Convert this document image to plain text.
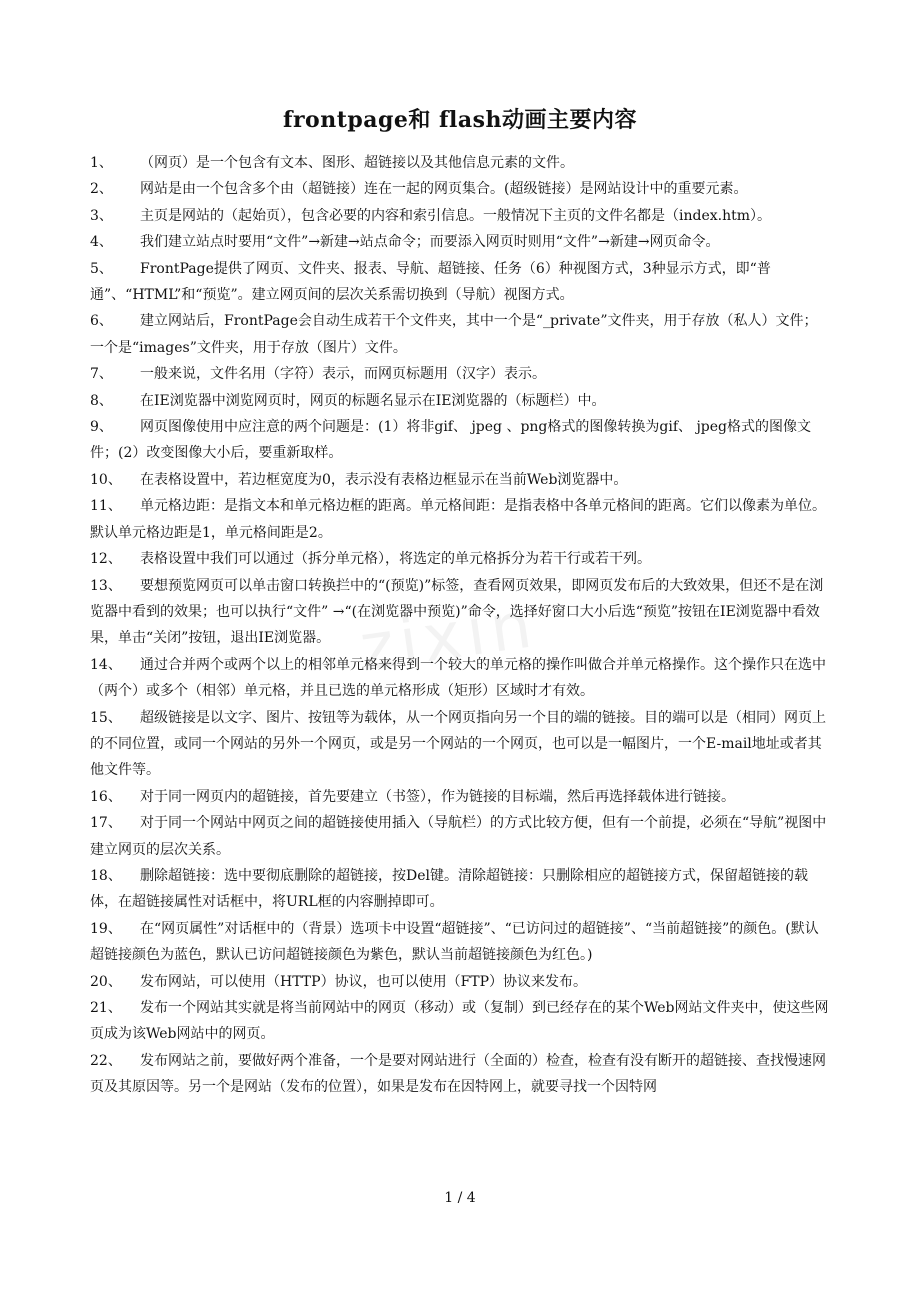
frontpage和 flash动画主要内容
zixin

1、	（网页）是一个包含有文本、图形、超链接以及其他信息元素的文件。

2、	网站是由一个包含多个由（超链接）连在一起的网页集合。(超级链接）是网站设计中的重要元素。

3、 主页是网站的（起始页），包含必要的内容和索引信息。一般情况下主页的文件名都是（index.htm）。

4、	我们建立站点时要用“文件”→新建→站点命令；而要添入网页时则用“文件”→新建→网页命令。

5、 FrontPage提供了网页、文件夹、报表、导航、超链接、任务（6）种视图方式，3种显示方式，即“普通”、“HTML”和“预览”。建立网页间的层次关系需切换到（导航）视图方式。

6、 建立网站后，FrontPage会自动生成若干个文件夹，其中一个是“_private”文件夹，用于存放（私人）文件；一个是“images”文件夹，用于存放（图片）文件。

7、	一般来说，文件名用（字符）表示，而网页标题用（汉字）表示。

8、	在IE浏览器中浏览网页时，网页的标题名显示在IE浏览器的（标题栏）中。

9、 网页图像使用中应注意的两个问题是：(1）将非gif、 jpeg 、png格式的图像转换为gif、 jpeg格式的图像文件；(2）改变图像大小后，要重新取样。

10、	在表格设置中，若边框宽度为0，表示没有表格边框显示在当前Web浏览器中。

11、 单元格边距：是指文本和单元格边框的距离。单元格间距：是指表格中各单元格间的距离。它们以像素为单位。默认单元格边距是1，单元格间距是2。

12、	表格设置中我们可以通过（拆分单元格），将选定的单元格拆分为若干行或若干列。

13、 要想预览网页可以单击窗口转换拦中的“(预览)”标签，查看网页效果，即网页发布后的大致效果，但还不是在浏览器中看到的效果；也可以执行“文件” →“(在浏览器中预览)”命令，选择好窗口大小后选“预览”按钮在IE浏览器中看效果，单击“关闭”按钮，退出IE浏览器。

14、 通过合并两个或两个以上的相邻单元格来得到一个较大的单元格的操作叫做合并单元格操作。这个操作只在选中（两个）或多个（相邻）单元格，并且已选的单元格形成（矩形）区域时才有效。

15、 超级链接是以文字、图片、按钮等为载体，从一个网页指向另一个目的端的链接。目的端可以是（相同）网页上的不同位置，或同一个网站的另外一个网页，或是另一个网站的一个网页，也可以是一幅图片，一个E-mail地址或者其他文件等。

16、	对于同一网页内的超链接，首先要建立（书签），作为链接的目标端，然后再选择载体进行链接。

17、 对于同一个网站中网页之间的超链接使用插入（导航栏）的方式比较方便，但有一个前提，必须在“导航”视图中建立网页的层次关系。

18、 删除超链接：选中要彻底删除的超链接，按Del键。清除超链接：只删除相应的超链接方式，保留超链接的载体，在超链接属性对话框中，将URL框的内容删掉即可。

19、 在“网页属性”对话框中的（背景）选项卡中设置“超链接”、“已访问过的超链接”、“当前超链接”的颜色。(默认超链接颜色为蓝色，默认已访问超链接颜色为紫色，默认当前超链接颜色为红色。)

20、	发布网站，可以使用（HTTP）协议，也可以使用（FTP）协议来发布。

21、 发布一个网站其实就是将当前网站中的网页（移动）或（复制）到已经存在的某个Web网站文件夹中，使这些网页成为该Web网站中的网页。

22、 发布网站之前，要做好两个准备，一个是要对网站进行（全面的）检查，检查有没有断开的超链接、查找慢速网页及其原因等。另一个是网站（发布的位置），如果是发布在因特网上，就要寻找一个因特网

1 / 4
